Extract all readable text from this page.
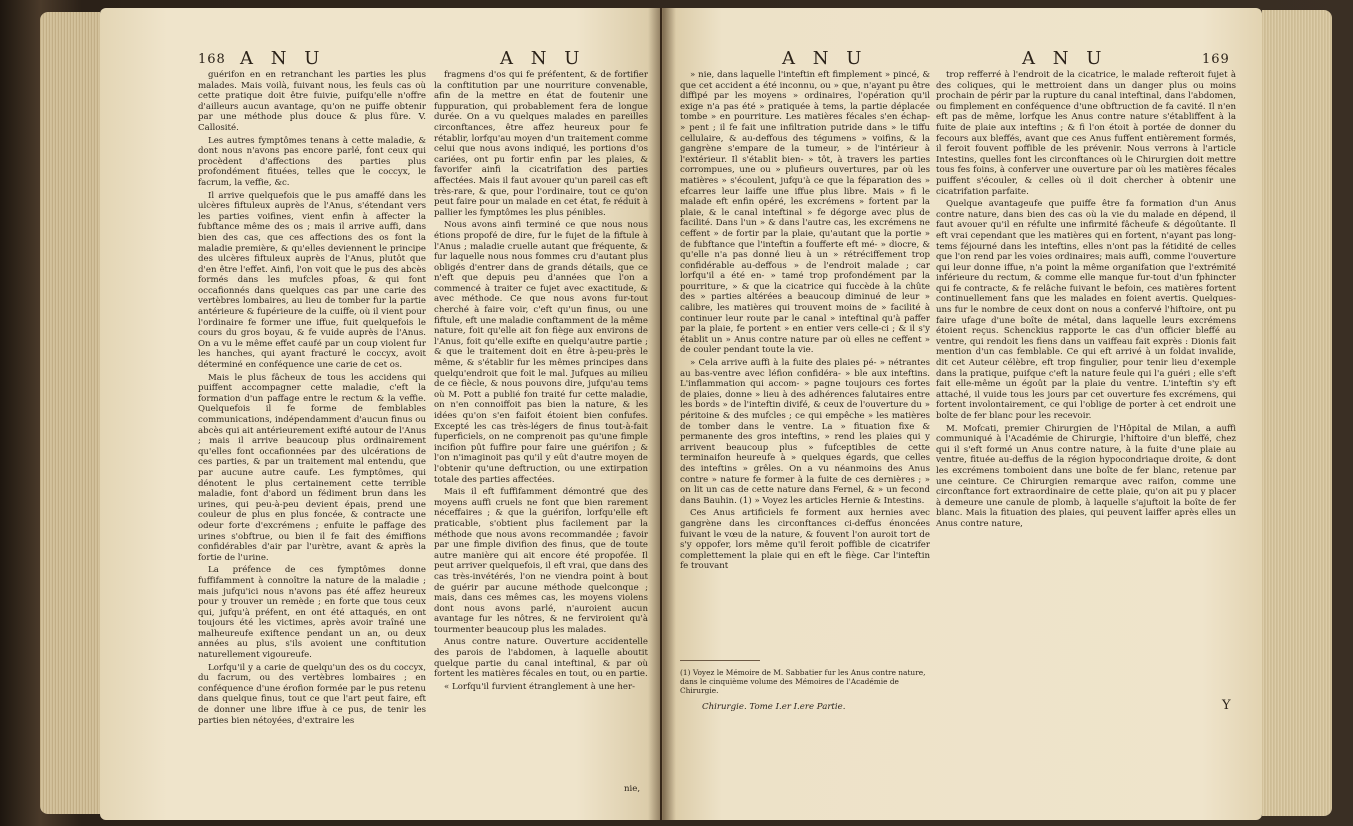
168 A N U	A N U

guérifon en en retranchant les parties les plus malades. Mais voilà, fuivant nous, les feuls cas où cette pratique doit être fuivie, puifqu'elle n'offre d'ailleurs aucun avantage, qu'on ne puiffe obtenir par une méthode plus douce & plus fûre. V. Callosité.

Les autres fymptômes tenans à cette maladie, & dont nous n'avons pas encore parlé, font ceux qui procèdent d'affections des parties plus profondément fituées, telles que le coccyx, le facrum, la veffie, &c.

Il arrive quelquefois que le pus amaffé dans les ulcères fiftuleux auprès de l'Anus, s'étendant vers les parties voifines, vient enfin à affecter la fubftance même des os ; mais il arrive auffi, dans bien des cas, que ces affections des os font la maladie première, & qu'elles deviennent le principe des ulcères fiftuleux auprès de l'Anus, plutôt que d'en être l'effet. Ainfi, l'on voit que le pus des abcès formés dans les mufcles pfoas, & qui font occafionnés dans quelques cas par une carie des vertèbres lombaires, au lieu de tomber fur la partie antérieure & fupérieure de la cuiffe, où il vient pour l'ordinaire fe former une iffue, fuit quelquefois le cours du gros boyau, & fe vuide auprès de l'Anus. On a vu le même effet caufé par un coup violent fur les hanches, qui ayant fracturé le coccyx, avoit déterminé en conféquence une carie de cet os.

Mais le plus fâcheux de tous les accidens qui puiffent accompagner cette maladie, c'eft la formation d'un paffage entre le rectum & la veffie. Quelquefois il fe forme de femblables communications, indépendamment d'aucun finus ou abcès qui ait antérieurement exifté autour de l'Anus ; mais il arrive beaucoup plus ordinairement qu'elles font occafionnées par des ulcérations de ces parties, & par un traitement mal entendu, que par aucune autre caufe. Les fymptômes, qui dénotent le plus certainement cette terrible maladie, font d'abord un fédiment brun dans les urines, qui peu-à-peu devient épais, prend une couleur de plus en plus foncée, & contracte une odeur forte d'excrémens ; enfuite le paffage des urines s'obftrue, ou bien il fe fait des émiffions confidérables d'air par l'urètre, avant & après la fortie de l'urine.

La préfence de ces fymptômes donne fuffifamment à connoître la nature de la maladie ; mais jufqu'ici nous n'avons pas été affez heureux pour y trouver un remède ; en forte que tous ceux qui, jufqu'à préfent, en ont été attaqués, en ont toujours été les victimes, après avoir traîné une malheureufe exiftence pendant un an, ou deux années au plus, s'ils avoient une conftitution naturellement vigoureufe.

Lorfqu'il y a carie de quelqu'un des os du coccyx, du facrum, ou des vertèbres lombaires ; en conféquence d'une érofion formée par le pus retenu dans quelque finus, tout ce que l'art peut faire, eft de donner une libre iffue à ce pus, de tenir les parties bien nétoyées, d'extraire les

fragmens d'os qui fe préfentent, & de fortifier la conftitution par une nourriture convenable, afin de la mettre en état de foutenir une fuppuration, qui probablement fera de longue durée. On a vu quelques malades en pareilles circonftances, être affez heureux pour fe rétablir, lorfqu'au moyen d'un traitement comme celui que nous avons indiqué, les portions d'os cariées, ont pu fortir enfin par les plaies, & favorifer ainfi la cicatrifation des parties affectées. Mais il faut avouer qu'un pareil cas eft très-rare, & que, pour l'ordinaire, tout ce qu'on peut faire pour un malade en cet état, fe réduit à pallier les fymptômes les plus pénibles.

Nous avons ainfi terminé ce que nous nous étions propofé de dire, fur le fujet de la fiftule à l'Anus ; maladie cruelle autant que fréquente, & fur laquelle nous nous fommes cru d'autant plus obligés d'entrer dans de grands détails, que ce n'eft que depuis peu d'années que l'on a commencé à traiter ce fujet avec exactitude, & avec méthode. Ce que nous avons fur-tout cherché à faire voir, c'eft qu'un finus, ou une fiftule, eft une maladie conftamment de la même nature, foit qu'elle ait fon fiège aux environs de l'Anus, foit qu'elle exifte en quelqu'autre partie ; & que le traitement doit en être à-peu-près le même, & s'établir fur les mêmes principes dans quelqu'endroit que foit le mal. Jufques au milieu de ce fiècle, & nous pouvons dire, jufqu'au tems où M. Pott a publié fon traité fur cette maladie, on n'en connoiffoit pas bien la nature, & les idées qu'on s'en faifoit étoient bien confufes. Excepté les cas très-légers de finus tout-à-fait fuperficiels, on ne comprenoit pas qu'une fimple incifion pût fuffire pour faire une guérifon ; & l'on n'imaginoit pas qu'il y eût d'autre moyen de l'obtenir qu'une deftruction, ou une extirpation totale des parties affectées.

Mais il eft fuffifamment démontré que des moyens auffi cruels ne font que bien rarement néceffaires ; & que la guérifon, lorfqu'elle eft praticable, s'obtient plus facilement par la méthode que nous avons recommandée ; favoir par une fimple divifion des finus, que de toute autre manière qui ait encore été propofée. Il peut arriver quelquefois, il eft vrai, que dans des cas très-invétérés, l'on ne viendra point à bout de guérir par aucune méthode quelconque ; mais, dans ces mêmes cas, les moyens violens dont nous avons parlé, n'auroient aucun avantage fur les nôtres, & ne ferviroient qu'à tourmenter beaucoup plus les malades.

Anus contre nature. Ouverture accidentelle des parois de l'abdomen, à laquelle aboutit quelque partie du canal inteftinal, & par où fortent les matières fécales en tout, ou en partie.

« Lorfqu'il furvient étranglement à une her-

nie,
A N U	A N U	169

» nie, dans laquelle l'inteftin eft fimplement » pincé, & que cet accident a été inconnu, ou » que, n'ayant pu être diffipé par les moyens » ordinaires, l'opération qu'il exige n'a pas été » pratiquée à tems, la partie déplacée tombe » en pourriture. Les matières fécales s'en échap- » pent ; il fe fait une infiltration putride dans » le tiffu cellulaire, & au-deffous des tégumens » voifins, & la gangrène s'empare de la tumeur, » de l'intérieur à l'extérieur. Il s'établit bien- » tôt, à travers les parties corrompues, une ou » plufieurs ouvertures, par où les matières » s'écoulent, jufqu'à ce que la féparation des » efcarres leur laiffe une iffue plus libre. Mais » fi le malade eft enfin opéré, les excrémens » fortent par la plaie, & le canal inteftinal » fe dégorge avec plus de facilité. Dans l'un » & dans l'autre cas, les excrémens ne ceffent » de fortir par la plaie, qu'autant que la portie » de fubftance que l'inteftin a foufferte eft mé- » diocre, & qu'elle n'a pas donné lieu à un » rétréciffement trop confidérable au-deffous » de l'endroit malade ; car lorfqu'il a été en- » tamé trop profondément par la pourriture, » & que la cicatrice qui fuccède à la chûte des » parties altérées a beaucoup diminué de leur » calibre, les matières qui trouvent moins de » facilité à continuer leur route par le canal » inteftinal qu'à paffer par la plaie, fe portent » en entier vers celle-ci ; & il s'y établit un » Anus contre nature par où elles ne ceffent » de couler pendant toute la vie.

» Cela arrive auffi à la fuite des plaies pé- » nétrantes au bas-ventre avec léfion confidéra- » ble aux inteftins. L'inflammation qui accom- » pagne toujours ces fortes de plaies, donne » lieu à des adhérences falutaires entre les bords » de l'inteftin divifé, & ceux de l'ouverture du » péritoine & des mufcles ; ce qui empêche » les matières de tomber dans le ventre. La » fituation fixe & permanente des gros inteftins, » rend les plaies qui y arrivent beaucoup plus » fufceptibles de cette terminaifon heureufe à » quelques égards, que celles des inteftins » grêles. On a vu néanmoins des Anus contre » nature fe former à la fuite de ces dernières ; » on lit un cas de cette nature dans Fernel, & » un fecond dans Bauhin. (1) » Voyez les articles Hernie & Intestins.

Ces Anus artificiels fe forment aux hernies avec gangrène dans les circonftances ci-deffus énoncées fuivant le vœu de la nature, & fouvent l'on auroit tort de s'y oppofer, lors même qu'il feroit poffible de cicatrifer complettement la plaie qui en eft le fiège. Car l'inteftin fe trouvant

(1) Voyez le Mémoire de M. Sabbatier fur les Anus contre nature, dans le cinquième volume des Mémoires de l'Académie de Chirurgie.
Chirurgie. Tome I.er I.ere Partie.

trop refferré à l'endroit de la cicatrice, le malade refteroit fujet à des coliques, qui le mettroient dans un danger plus ou moins prochain de périr par la rupture du canal inteftinal, dans l'abdomen, ou fimplement en conféquence d'une obftruction de fa cavité. Il n'en eft pas de même, lorfque les Anus contre nature s'établiffent à la fuite de plaie aux inteftins ; & fi l'on étoit à portée de donner du fecours aux bleffés, avant que ces Anus fuffent entièrement formés, il feroit fouvent poffible de les prévenir. Nous verrons à l'article Intestins, quelles font les circonftances où le Chirurgien doit mettre tous fes foins, à conferver une ouverture par où les matières fécales puiffent s'écouler, & celles où il doit chercher à obtenir une cicatrifation parfaite.

Quelque avantageufe que puiffe être fa formation d'un Anus contre nature, dans bien des cas où la vie du malade en dépend, il faut avouer qu'il en réfulte une infirmité fâcheufe & dégoûtante. Il eft vrai cependant que les matières qui en fortent, n'ayant pas long-tems féjourné dans les inteftins, elles n'ont pas la fétidité de celles que l'on rend par les voies ordinaires; mais auffi, comme l'ouverture qui leur donne iffue, n'a point la même organifation que l'extrémité inférieure du rectum, & comme elle manque fur-tout d'un fphincter qui fe contracte, & fe relâche fuivant le befoin, ces matières fortent continuellement fans que les malades en foient avertis. Quelques-uns fur le nombre de ceux dont on nous a confervé l'hiftoire, ont pu faire ufage d'une boîte de métal, dans laquelle leurs excrémens étoient reçus. Schenckius rapporte le cas d'un officier bleffé au ventre, qui rendoit les fiens dans un vaiffeau fait exprès : Dionis fait mention d'un cas femblable. Ce qui eft arrivé à un foldat invalide, dit cet Auteur célèbre, eft trop fingulier, pour tenir lieu d'exemple dans la pratique, puifque c'eft la nature feule qui l'a guéri ; elle s'eft fait elle-même un égoût par la plaie du ventre. L'inteftin s'y eft attaché, il vuide tous les jours par cet ouverture fes excrémens, qui fortent involontairement, ce qui l'oblige de porter à cet endroit une boîte de fer blanc pour les recevoir.

M. Mofcati, premier Chirurgien de l'Hôpital de Milan, a auffi communiqué à l'Académie de Chirurgie, l'hiftoire d'un bleffé, chez qui il s'eft formé un Anus contre nature, à la fuite d'une plaie au ventre, fituée au-deffus de la région hypocondriaque droite, & dont les excrémens tomboient dans une boîte de fer blanc, retenue par une ceinture. Ce Chirurgien remarque avec raifon, comme une circonftance fort extraordinaire de cette plaie, qu'on ait pu y placer à demeure une canule de plomb, à laquelle s'ajuftoit la boîte de fer blanc. Mais la fituation des plaies, qui peuvent laiffer après elles un Anus contre nature,

Y
